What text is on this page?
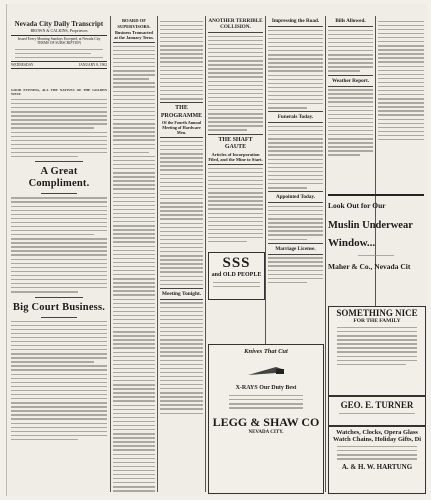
Nevada City Daily Transcript
BROWN & CALKINS, Proprietors
Issued Every Morning Sundays Excepted, at Nevada City
TERMS OF SUBSCRIPTION
WEDNESDAY	JANUARY 8, 1902
GOOD EVENING, ALL THE NATIVES OF THE GOLDEN WEST.
A Great Compliment.
Big Court Business.
BOARD OF SUPERVISORS.
Business Transacted at the January Term.
THE PROGRAMME
Of the Fourth Annual Meeting of Hardware Men.
Meeting Tonight.
ANOTHER TERRIBLE COLLISION.
THE SHAFT GAUTE
Articles of Incorporation Filed, and the Mine to Start.
SSS
and OLD PEOPLE
Knives That Cut
X-RAYS Our Duty Best
LEGG & SHAW CO
NEVADA CITY.
Impressing the Road.
Funerals Today.
Appointed Today.
Marriage License.
Bills Allowed.
Weather Report.
Look Out for Our
Muslin Underwear
Window...
Maher & Co., Nevada Cit
SOMETHING NICE
FOR THE FAMILY
GEO. E. TURNER
Watches, Clocks, Opera Glass
Watch Chains, Holiday Gifts, Di
A. & H. W. HARTUNG
